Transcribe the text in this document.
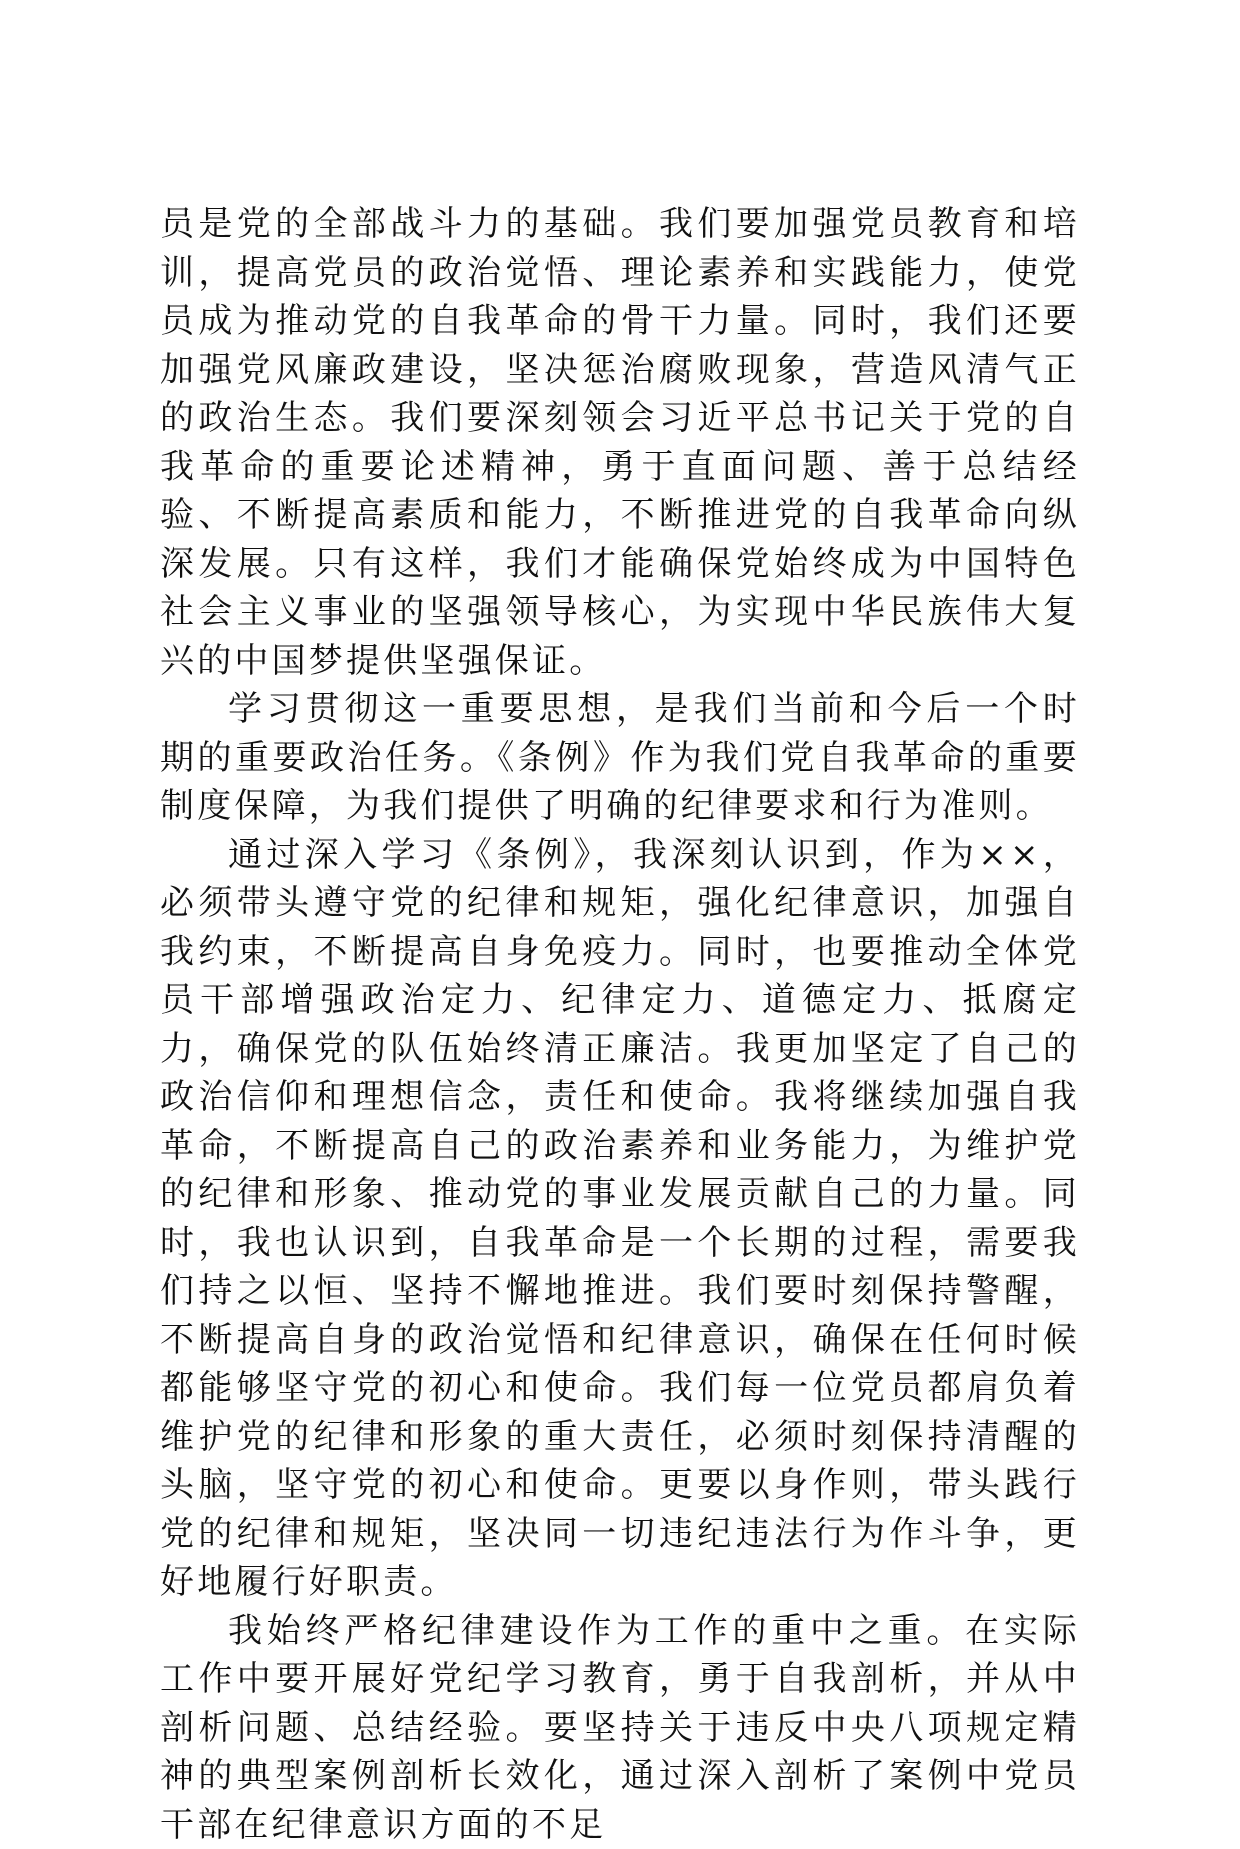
员是党的全部战斗力的基础。我们要加强党员教育和培训，提高党员的政治觉悟、理论素养和实践能力，使党员成为推动党的自我革命的骨干力量。同时，我们还要加强党风廉政建设，坚决惩治腐败现象，营造风清气正的政治生态。我们要深刻领会习近平总书记关于党的自我革命的重要论述精神，勇于直面问题、善于总结经验、不断提高素质和能力，不断推进党的自我革命向纵深发展。只有这样，我们才能确保党始终成为中国特色社会主义事业的坚强领导核心，为实现中华民族伟大复兴的中国梦提供坚强保证。

学习贯彻这一重要思想，是我们当前和今后一个时期的重要政治任务。《条例》作为我们党自我革命的重要制度保障，为我们提供了明确的纪律要求和行为准则。

通过深入学习《条例》，我深刻认识到，作为××，必须带头遵守党的纪律和规矩，强化纪律意识，加强自我约束，不断提高自身免疫力。同时，也要推动全体党员干部增强政治定力、纪律定力、道德定力、抵腐定力，确保党的队伍始终清正廉洁。我更加坚定了自己的政治信仰和理想信念，责任和使命。我将继续加强自我革命，不断提高自己的政治素养和业务能力，为维护党的纪律和形象、推动党的事业发展贡献自己的力量。同时，我也认识到，自我革命是一个长期的过程，需要我们持之以恒、坚持不懈地推进。我们要时刻保持警醒，不断提高自身的政治觉悟和纪律意识，确保在任何时候都能够坚守党的初心和使命。我们每一位党员都肩负着维护党的纪律和形象的重大责任，必须时刻保持清醒的头脑，坚守党的初心和使命。更要以身作则，带头践行党的纪律和规矩，坚决同一切违纪违法行为作斗争，更好地履行好职责。

我始终严格纪律建设作为工作的重中之重。在实际工作中要开展好党纪学习教育，勇于自我剖析，并从中剖析问题、总结经验。要坚持关于违反中央八项规定精神的典型案例剖析长效化，通过深入剖析了案例中党员干部在纪律意识方面的不足
